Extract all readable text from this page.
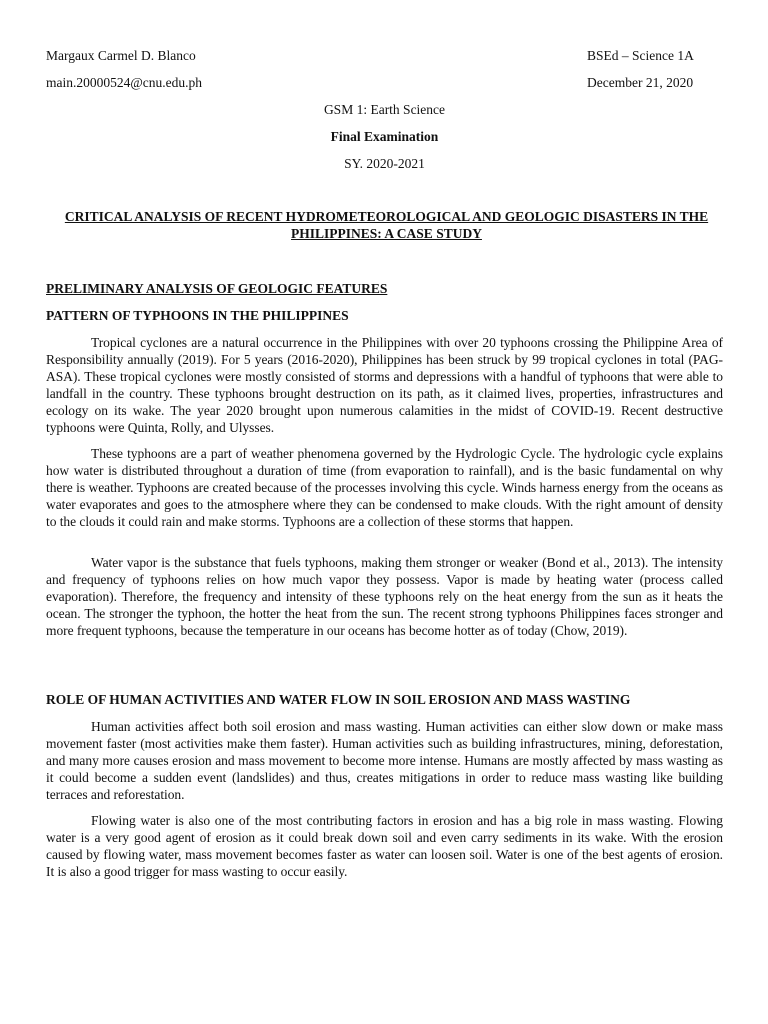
Margaux Carmel D. Blanco	BSEd – Science 1A
main.20000524@cnu.edu.ph	December 21, 2020
GSM 1: Earth Science
Final Examination
SY. 2020-2021
CRITICAL ANALYSIS OF RECENT HYDROMETEOROLOGICAL AND GEOLOGIC DISASTERS IN THE PHILIPPINES: A CASE STUDY
PRELIMINARY ANALYSIS OF GEOLOGIC FEATURES
PATTERN OF TYPHOONS IN THE PHILIPPINES

Tropical cyclones are a natural occurrence in the Philippines with over 20 typhoons crossing the Philippine Area of Responsibility annually (2019). For 5 years (2016-2020), Philippines has been struck by 99 tropical cyclones in total (PAG-ASA). These tropical cyclones were mostly consisted of storms and depressions with a handful of typhoons that were able to landfall in the country. These typhoons brought destruction on its path, as it claimed lives, properties, infrastructures and ecology on its wake. The year 2020 brought upon numerous calamities in the midst of COVID-19. Recent destructive typhoons were Quinta, Rolly, and Ulysses.

These typhoons are a part of weather phenomena governed by the Hydrologic Cycle. The hydrologic cycle explains how water is distributed throughout a duration of time (from evaporation to rainfall), and is the basic fundamental on why there is weather. Typhoons are created because of the processes involving this cycle. Winds harness energy from the oceans as water evaporates and goes to the atmosphere where they can be condensed to make clouds. With the right amount of density to the clouds it could rain and make storms. Typhoons are a collection of these storms that happen.

Water vapor is the substance that fuels typhoons, making them stronger or weaker (Bond et al., 2013). The intensity and frequency of typhoons relies on how much vapor they possess. Vapor is made by heating water (process called evaporation). Therefore, the frequency and intensity of these typhoons rely on the heat energy from the sun as it heats the ocean. The stronger the typhoon, the hotter the heat from the sun. The recent strong typhoons Philippines faces stronger and more frequent typhoons, because the temperature in our oceans has become hotter as of today (Chow, 2019).

ROLE OF HUMAN ACTIVITIES AND WATER FLOW IN SOIL EROSION AND MASS WASTING

Human activities affect both soil erosion and mass wasting. Human activities can either slow down or make mass movement faster (most activities make them faster). Human activities such as building infrastructures, mining, deforestation, and many more causes erosion and mass movement to become more intense. Humans are mostly affected by mass wasting as it could become a sudden event (landslides) and thus, creates mitigations in order to reduce mass wasting like building terraces and reforestation.

Flowing water is also one of the most contributing factors in erosion and has a big role in mass wasting. Flowing water is a very good agent of erosion as it could break down soil and even carry sediments in its wake. With the erosion caused by flowing water, mass movement becomes faster as water can loosen soil. Water is one of the best agents of erosion. It is also a good trigger for mass wasting to occur easily.
